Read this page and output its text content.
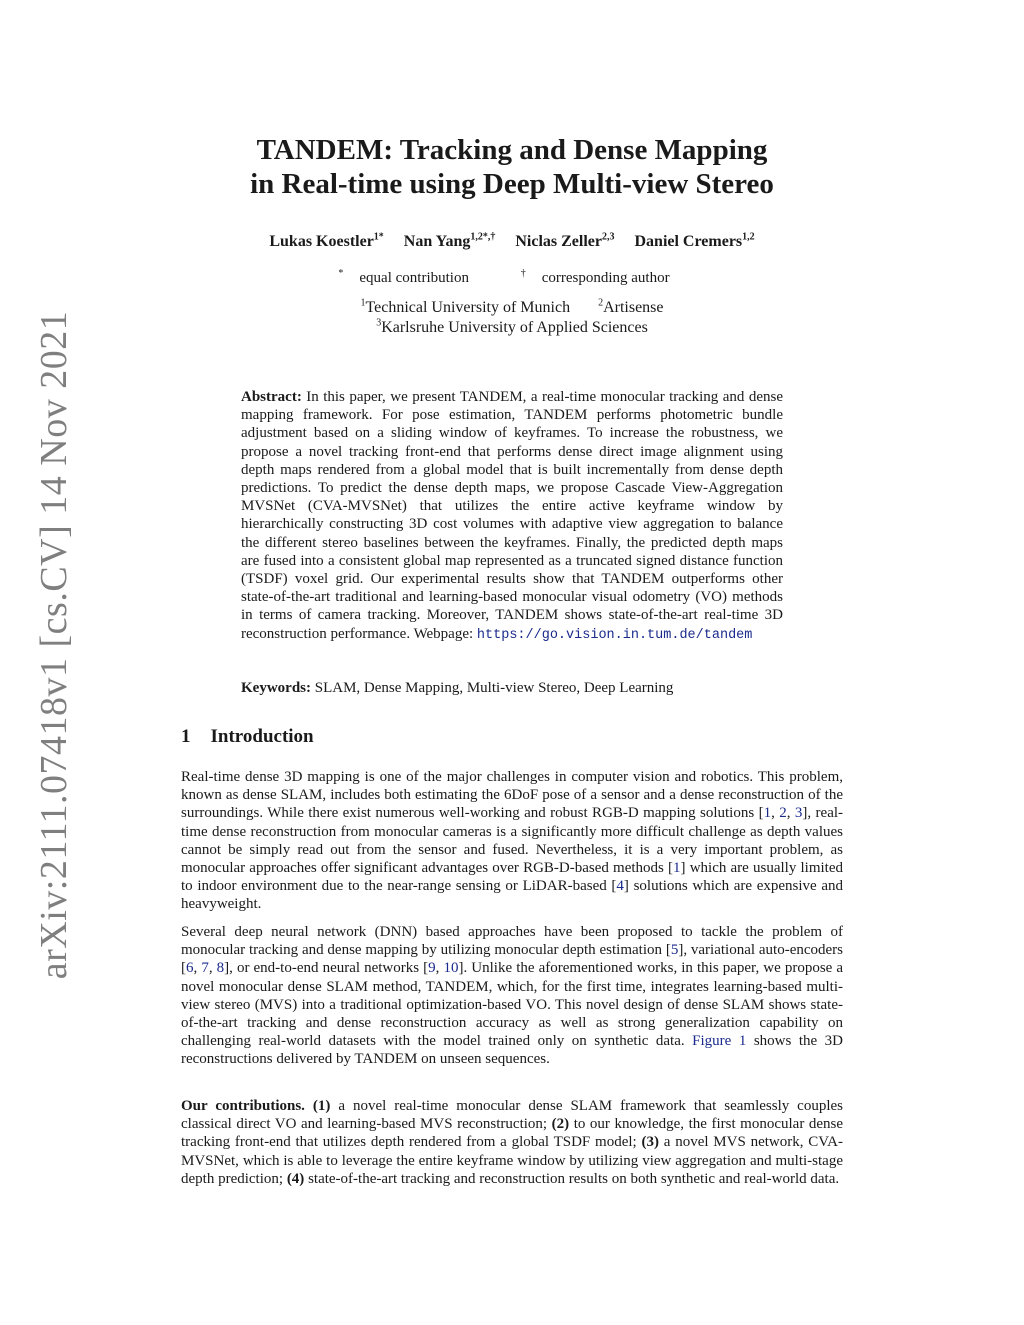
arXiv:2111.07418v1 [cs.CV] 14 Nov 2021
TANDEM: Tracking and Dense Mapping
in Real-time using Deep Multi-view Stereo
Lukas Koestler$^{1*}$ Nan Yang$^{1,2*,\dagger}$ Niclas Zeller$^{2,3}$ Daniel Cremers$^{1,2}$
* equal contribution	† corresponding author
$^1$Technical University of Munich	$^2$Artisense
$^3$Karlsruhe University of Applied Sciences
Abstract: In this paper, we present TANDEM, a real-time monocular tracking and dense mapping framework. For pose estimation, TANDEM performs photometric bundle adjustment based on a sliding window of keyframes. To increase the robustness, we propose a novel tracking front-end that performs dense direct image alignment using depth maps rendered from a global model that is built incrementally from dense depth predictions. To predict the dense depth maps, we propose Cascade View-Aggregation MVSNet (CVA-MVSNet) that utilizes the entire active keyframe window by hierarchically constructing 3D cost volumes with adaptive view aggregation to balance the different stereo baselines between the keyframes. Finally, the predicted depth maps are fused into a consistent global map represented as a truncated signed distance function (TSDF) voxel grid. Our experimental results show that TANDEM outperforms other state-of-the-art traditional and learning-based monocular visual odometry (VO) methods in terms of camera tracking. Moreover, TANDEM shows state-of-the-art real-time 3D reconstruction performance. Webpage: https://go.vision.in.tum.de/tandem
Keywords: SLAM, Dense Mapping, Multi-view Stereo, Deep Learning
1 Introduction

Real-time dense 3D mapping is one of the major challenges in computer vision and robotics. This problem, known as dense SLAM, includes both estimating the 6DoF pose of a sensor and a dense reconstruction of the surroundings. While there exist numerous well-working and robust RGB-D mapping solutions [1, 2, 3], real-time dense reconstruction from monocular cameras is a significantly more difficult challenge as depth values cannot be simply read out from the sensor and fused. Nevertheless, it is a very important problem, as monocular approaches offer significant advantages over RGB-D-based methods [1] which are usually limited to indoor environment due to the near-range sensing or LiDAR-based [4] solutions which are expensive and heavyweight.

Several deep neural network (DNN) based approaches have been proposed to tackle the problem of monocular tracking and dense mapping by utilizing monocular depth estimation [5], variational auto-encoders [6, 7, 8], or end-to-end neural networks [9, 10]. Unlike the aforementioned works, in this paper, we propose a novel monocular dense SLAM method, TANDEM, which, for the first time, integrates learning-based multi-view stereo (MVS) into a traditional optimization-based VO. This novel design of dense SLAM shows state-of-the-art tracking and dense reconstruction accuracy as well as strong generalization capability on challenging real-world datasets with the model trained only on synthetic data. Figure 1 shows the 3D reconstructions delivered by TANDEM on unseen sequences.

Our contributions. (1) a novel real-time monocular dense SLAM framework that seamlessly couples classical direct VO and learning-based MVS reconstruction; (2) to our knowledge, the first monocular dense tracking front-end that utilizes depth rendered from a global TSDF model; (3) a novel MVS network, CVA-MVSNet, which is able to leverage the entire keyframe window by utilizing view aggregation and multi-stage depth prediction; (4) state-of-the-art tracking and reconstruction results on both synthetic and real-world data.
